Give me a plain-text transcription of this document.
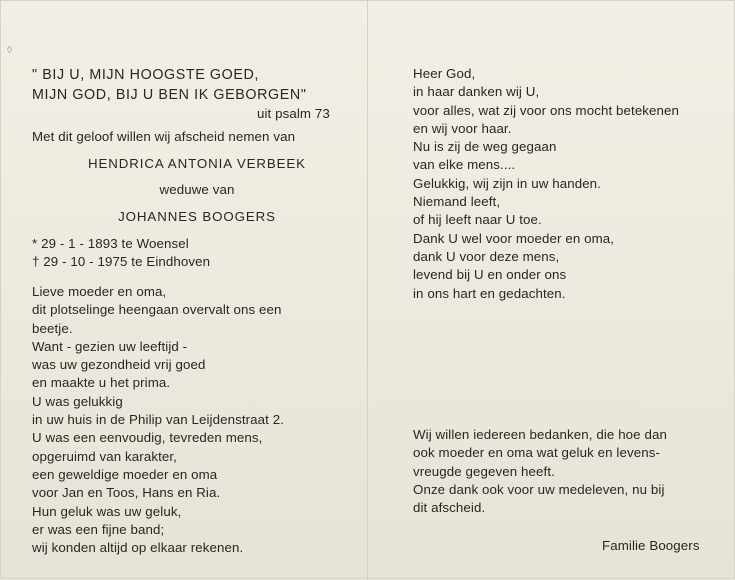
◊
" BIJ U, MIJN HOOGSTE GOED,
MIJN GOD, BIJ U BEN IK GEBORGEN"
uit psalm 73
Met dit geloof willen wij afscheid nemen van
HENDRICA ANTONIA VERBEEK
weduwe van
JOHANNES BOOGERS
* 29 - 1 - 1893 te Woensel
† 29 - 10 - 1975 te Eindhoven
Lieve moeder en oma,
dit plotselinge heengaan overvalt ons een
beetje.
Want - gezien uw leeftijd -
was uw gezondheid vrij goed
en maakte u het prima.
U was gelukkig
in uw huis in de Philip van Leijdenstraat 2.
U was een eenvoudig, tevreden mens,
opgeruimd van karakter,
een geweldige moeder en oma
voor Jan en Toos, Hans en Ria.
Hun geluk was uw geluk,
er was een fijne band;
wij konden altijd op elkaar rekenen.
Heer God,
in haar danken wij U,
voor alles, wat zij voor ons mocht betekenen
en wij voor haar.
Nu is zij de weg gegaan
van elke mens....
Gelukkig, wij zijn in uw handen.
Niemand leeft,
of hij leeft naar U toe.
Dank U wel voor moeder en oma,
dank U voor deze mens,
levend bij U en onder ons
in ons hart en gedachten.
Wij willen iedereen bedanken, die hoe dan
ook moeder en oma wat geluk en levens-
vreugde gegeven heeft.
Onze dank ook voor uw medeleven, nu bij
dit afscheid.
Familie Boogers
